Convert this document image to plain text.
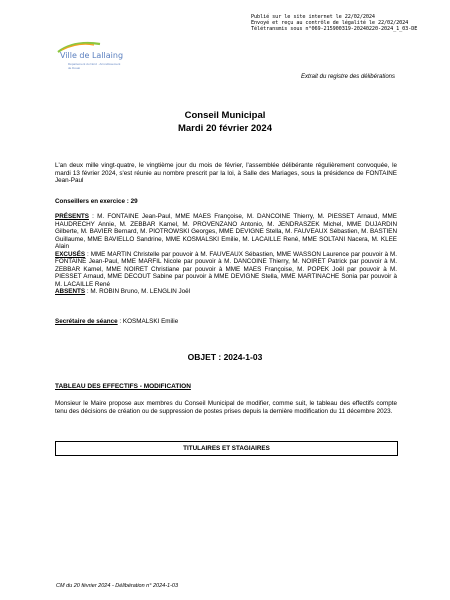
Publié sur le site internet le 22/02/2024
Envoyé et reçu au contrôle de légalité le 22/02/2024
Télétransmis sous n°069-215900319-20240220-2024_1_03-DE
Ville de Lallaing
Département du Nord · Arrondissement de Douai
Extrait du registre des délibérations
Conseil Municipal
Mardi 20 février 2024
L'an deux mille vingt-quatre, le vingtième jour du mois de février, l'assemblée délibérante régulièrement convoquée, le mardi 13 février 2024, s'est réunie au nombre prescrit par la loi, à Salle des Mariages, sous la présidence de FONTAINE Jean-Paul
Conseillers en exercice : 29
PRÉSENTS : M. FONTAINE Jean-Paul, MME MAES Françoise, M. DANCOINE Thierry, M. PIESSET Arnaud, MME HAUDRECHY Annie, M. ZEBBAR Kamel, M. PROVENZANO Antonio, M. JENDRASZEK Michel, MME DUJARDIN Gilberte, M. BAVIER Bernard, M. PIOTROWSKI Georges, MME DEVIGNE Stella, M. FAUVEAUX Sébastien, M. BASTIEN Guillaume, MME BAVIELLO Sandrine, MME KOSMALSKI Emilie, M. LACAILLE René, MME SOLTANI Nacera, M. KLEE Alain
EXCUSÉS : MME MARTIN Christelle par pouvoir à M. FAUVEAUX Sébastien, MME WASSON Laurence par pouvoir à M. FONTAINE Jean-Paul, MME MARFIL Nicole par pouvoir à M. DANCOINE Thierry, M. NOIRET Patrick par pouvoir à M. ZEBBAR Kamel, MME NOIRET Christiane par pouvoir à MME MAES Françoise, M. POPEK Joël par pouvoir à M. PIESSET Arnaud, MME DECOUT Sabine par pouvoir à MME DEVIGNE Stella, MME MARTINACHE Sonia par pouvoir à M. LACAILLE René
ABSENTS : M. ROBIN Bruno, M. LENGLIN Joël
Secrétaire de séance : KOSMALSKI Emilie
OBJET : 2024-1-03
TABLEAU DES EFFECTIFS - MODIFICATION
Monsieur le Maire propose aux membres du Conseil Municipal de modifier, comme suit, le tableau des effectifs compte tenu des décisions de création ou de suppression de postes prises depuis la dernière modification du 11 décembre 2023.
TITULAIRES ET STAGIAIRES
CM du 20 février 2024 - Délibération n° 2024-1-03
